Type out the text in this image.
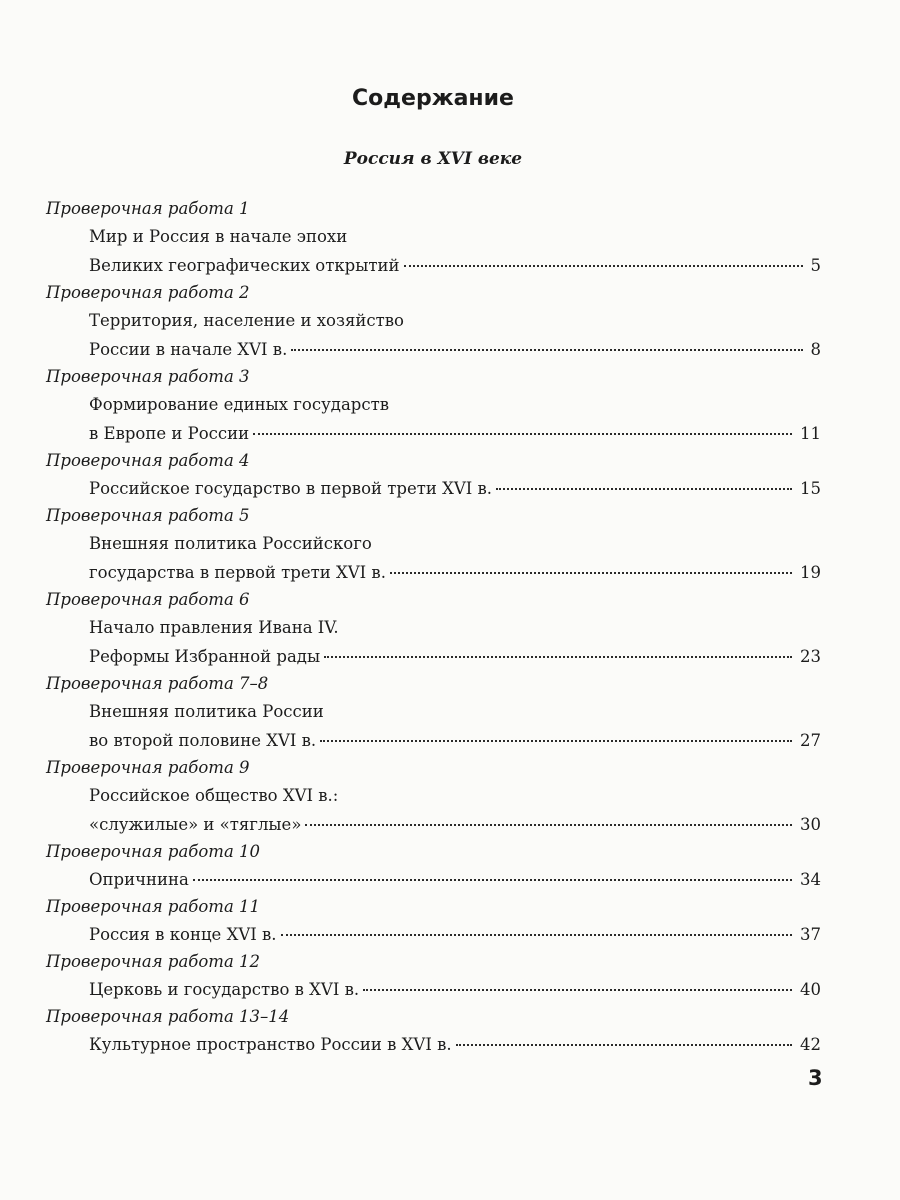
Содержание
Россия в XVI веке
Проверочная работа 1
Мир и Россия в начале эпохи
Великих географических открытий	5
Проверочная работа 2
Территория, население и хозяйство
России в начале XVI в.	8
Проверочная работа 3
Формирование единых государств
в Европе и России	11
Проверочная работа 4
Российское государство в первой трети XVI в.	15
Проверочная работа 5
Внешняя политика Российского
государства в первой трети XVI в.	19
Проверочная работа 6
Начало правления Ивана IV.
Реформы Избранной рады	23
Проверочная работа 7–8
Внешняя политика России
во второй половине XVI в.	27
Проверочная работа 9
Российское общество XVI в.:
«служилые» и «тяглые»	30
Проверочная работа 10
Опричнина	34
Проверочная работа 11
Россия в конце XVI в.	37
Проверочная работа 12
Церковь и государство в XVI в.	40
Проверочная работа 13–14
Культурное пространство России в XVI в.	42
3
